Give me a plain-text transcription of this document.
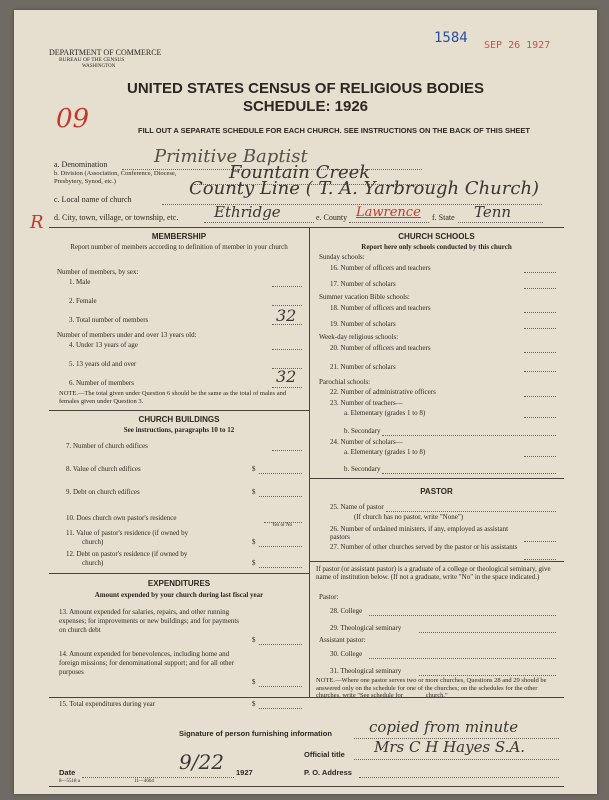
DEPARTMENT OF COMMERCE
BUREAU OF THE CENSUS
WASHINGTON
1584 SEP 26 1927
UNITED STATES CENSUS OF RELIGIOUS BODIES
SCHEDULE: 1926
FILL OUT A SEPARATE SCHEDULE FOR EACH CHURCH. SEE INSTRUCTIONS ON THE BACK OF THIS SHEET
09
a. Denomination	Primitive Baptist
b. Division (Association, Conference, Diocese, Presbytery, Synod, etc.)	Fountain Creek
c. Local name of church
County Line ( T. A. Yarbrough Church)
d. City, town, village, or township, etc. Ethridge	e. County Lawrence f. State Tenn
R
MEMBERSHIP
Report number of members according to definition of member in your church
Number of members, by sex:
1. Male
2. Female
3. Total number of members	32
Number of members under and over 13 years old:
4. Under 13 years of age
5. 13 years old and over
6. Number of members	32
NOTE.—The total given under Question 6 should be the same as the total of males and females given under Question 3.
CHURCH BUILDINGS
See instructions, paragraphs 10 to 12
7. Number of church edifices
8. Value of church edifices	$
9. Debt on church edifices	$
10. Does church own pastor's residence
Yes or No
11. Value of pastor's residence (if owned by
church)	$
12. Debt on pastor's residence (if owned by
church)	$
EXPENDITURES
Amount expended by your church during last fiscal year
13. Amount expended for salaries, repairs, and other running expenses; for improvements or new buildings; and for payments on church debt
$
14. Amount expended for benevolences, including home and foreign missions; for denominational support; and for all other purposes
$
15. Total expenditures during year	$
CHURCH SCHOOLS
Report here only schools conducted by this church
Sunday schools:
16. Number of officers and teachers
17. Number of scholars
Summer vacation Bible schools:
18. Number of officers and teachers
19. Number of scholars
Week-day religious schools:
20. Number of officers and teachers
21. Number of scholars
Parochial schools:
22. Number of administrative officers
23. Number of teachers—
a. Elementary (grades 1 to 8)
b. Secondary
24. Number of scholars—
a. Elementary (grades 1 to 8)
b. Secondary
PASTOR
25. Name of pastor
(If church has no pastor, write "None")
26. Number of ordained ministers, if any, employed as assistant pastors
27. Number of other churches served by the pastor or his assistants
If pastor (or assistant pastor) is a graduate of a college or theological seminary, give name of institution below. (If not a graduate, write "No" in the space indicated.)
Pastor:
28. College
29. Theological seminary
Assistant pastor:
30. College
31. Theological seminary
NOTE.—Where one pastor serves two or more churches, Questions 28 and 29 should be answered only on the schedule for one of the churches; on the schedules for the other churches, write "See schedule for ______ church."
Signature of person furnishing information copied from minute
Official title Mrs C H Hayes S.A.
Date	9/22 1927	P. O. Address
8—5518 a	11—4664
